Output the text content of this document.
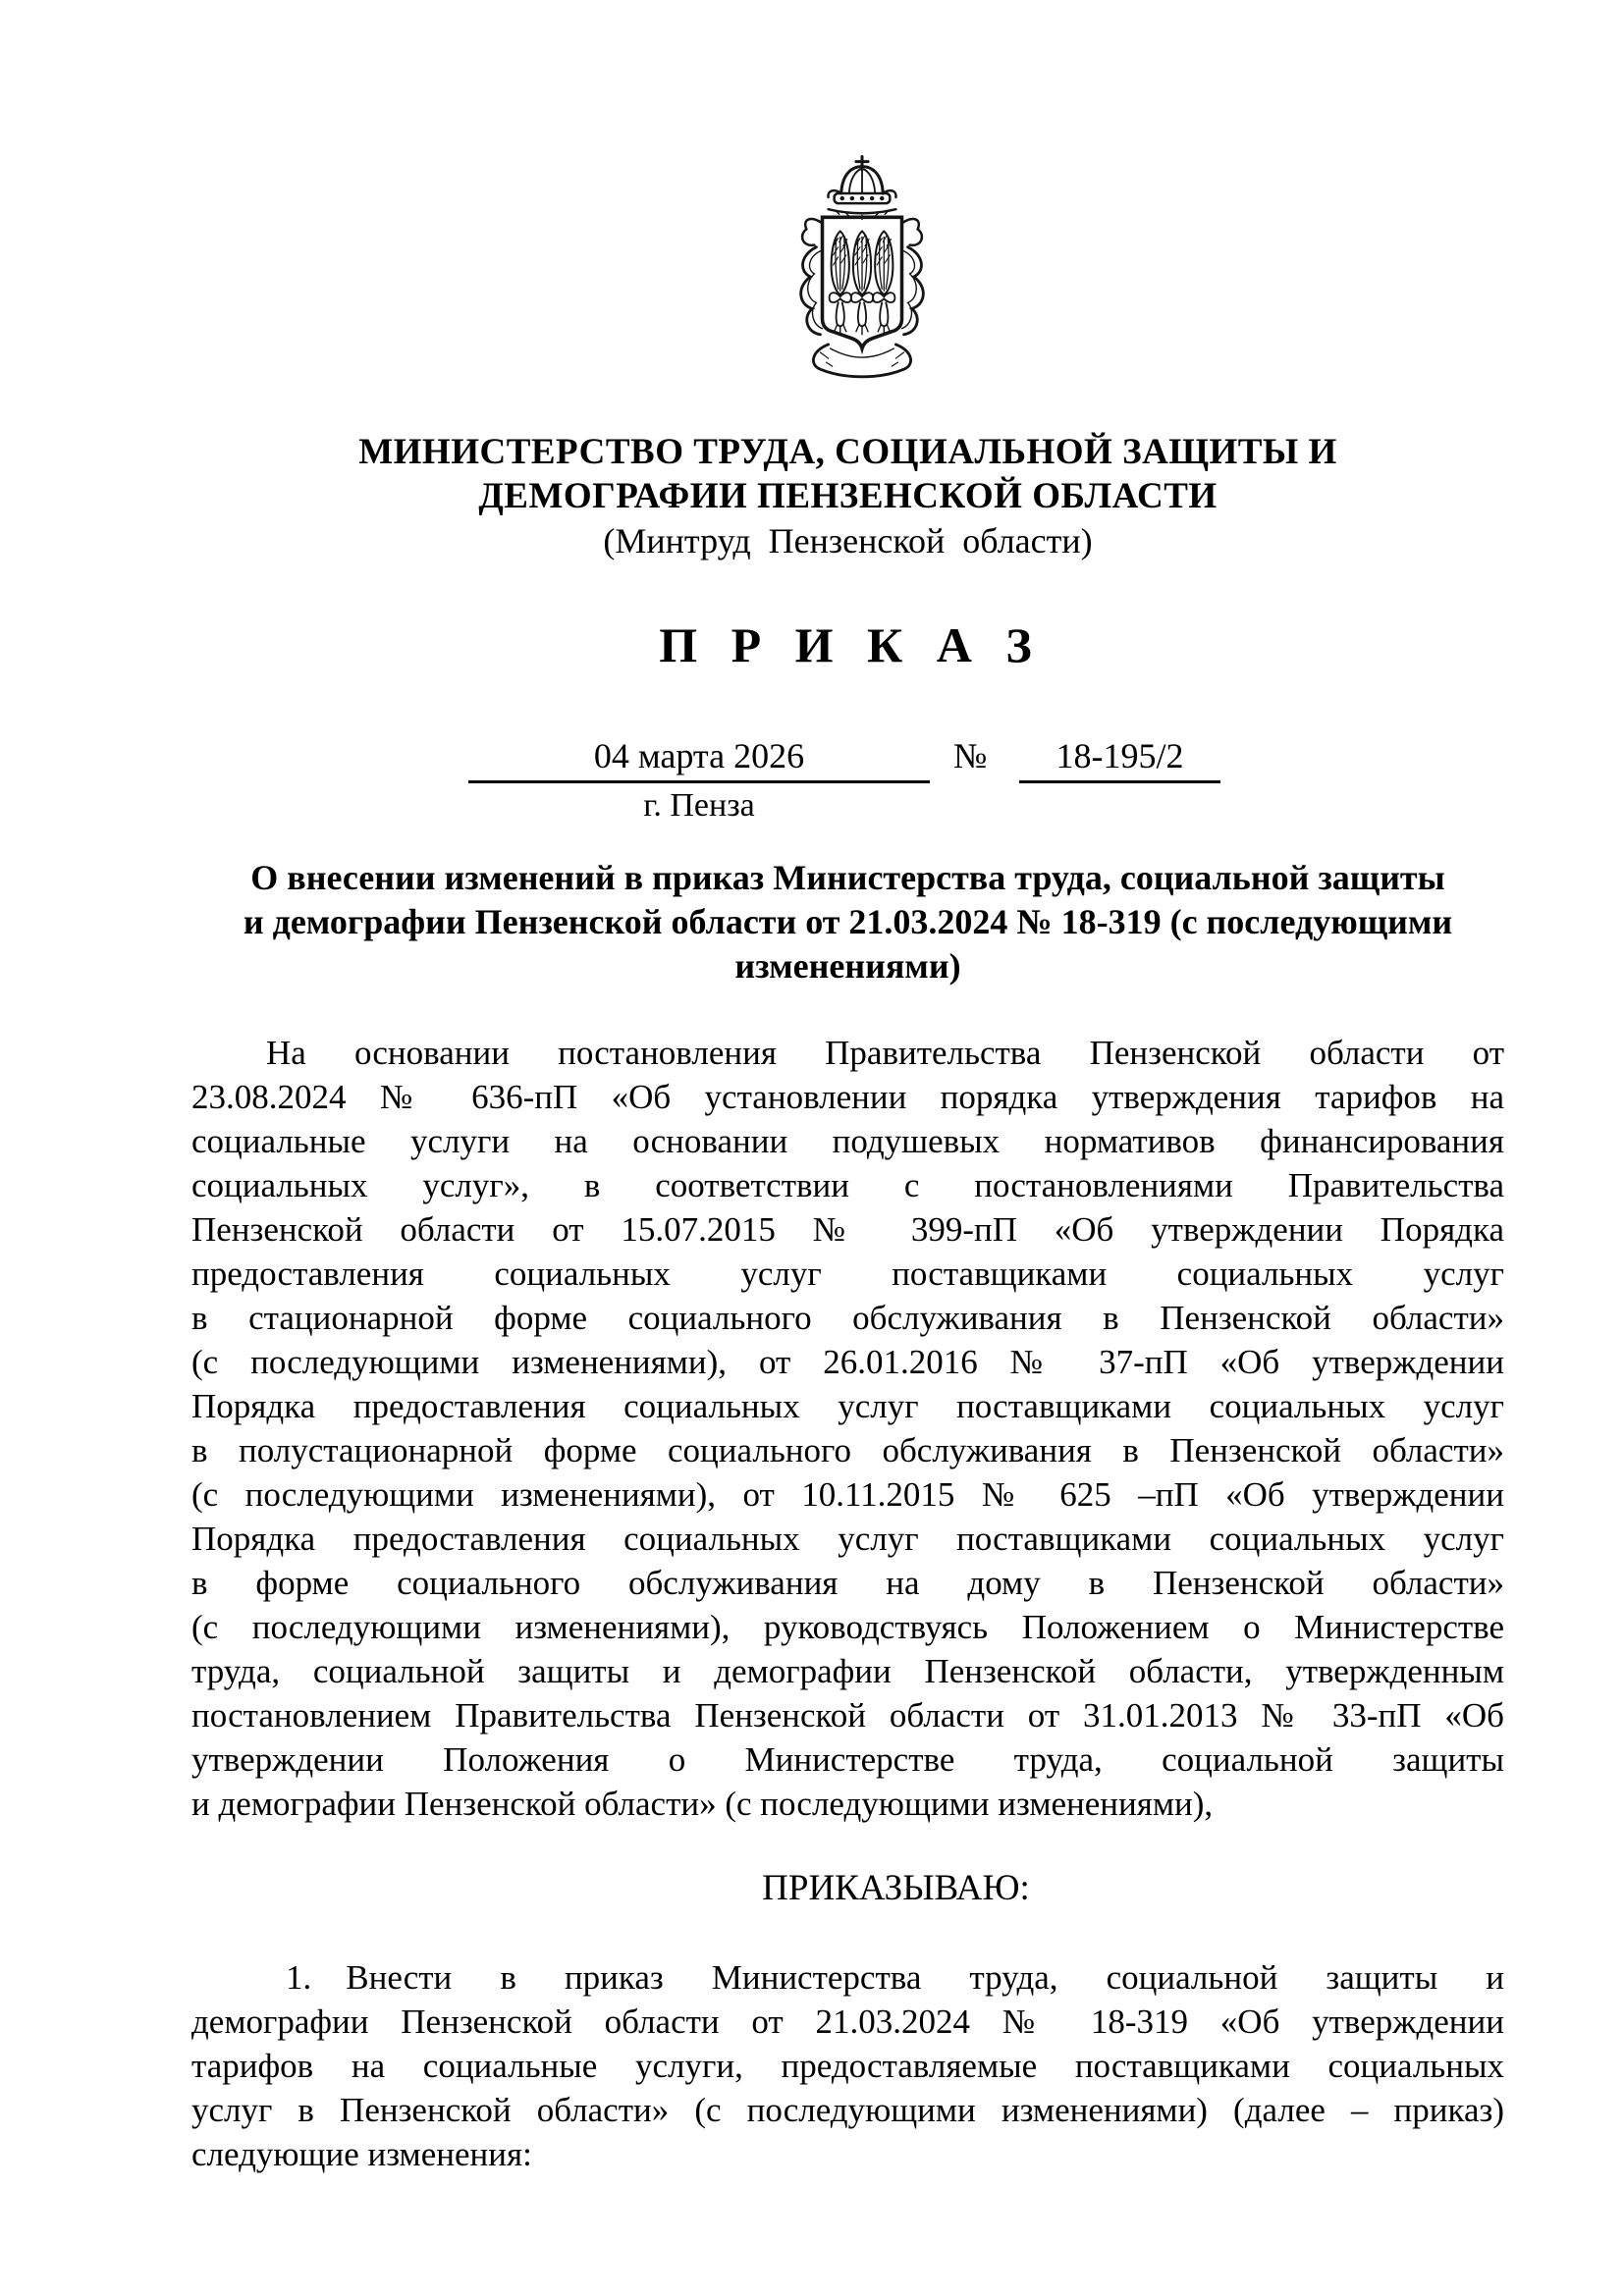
МИНИСТЕРСТВО ТРУДА, СОЦИАЛЬНОЙ ЗАЩИТЫ И
ДЕМОГРАФИИ ПЕНЗЕНСКОЙ ОБЛАСТИ
(Минтруд  Пензенской  области)
П Р И К А З
04 марта 2026	№	18-195/2
г. Пенза
О внесении изменений в приказ Министерства труда, социальной защиты
и демографии Пензенской области от 21.03.2024 № 18-319 (с последующими
изменениями)
На основании постановления Правительства Пензенской области от
23.08.2024 № 636-пП «Об установлении порядка утверждения тарифов на
социальные услуги на основании подушевых нормативов финансирования
социальных услуг», в соответствии с постановлениями Правительства
Пензенской области от 15.07.2015 № 399-пП «Об утверждении Порядка
предоставления социальных услуг поставщиками социальных услуг
в стационарной форме социального обслуживания в Пензенской области»
(с последующими изменениями), от 26.01.2016 № 37-пП «Об утверждении
Порядка предоставления социальных услуг поставщиками социальных услуг
в полустационарной форме социального обслуживания в Пензенской области»
(с последующими изменениями), от 10.11.2015 № 625 –пП «Об утверждении
Порядка предоставления социальных услуг поставщиками социальных услуг
в форме социального обслуживания на дому в Пензенской области»
(с последующими изменениями), руководствуясь Положением о Министерстве
труда, социальной защиты и демографии Пензенской области, утвержденным
постановлением Правительства Пензенской области от 31.01.2013 № 33-пП «Об
утверждении Положения о Министерстве труда, социальной защиты
и демографии Пензенской области» (с последующими изменениями),
ПРИКАЗЫВАЮ:
1.  Внести в приказ Министерства труда, социальной защиты и
демографии Пензенской области от 21.03.2024 № 18-319 «Об утверждении
тарифов на социальные услуги, предоставляемые поставщиками социальных
услуг в Пензенской области» (с последующими изменениями) (далее – приказ)
следующие изменения:
